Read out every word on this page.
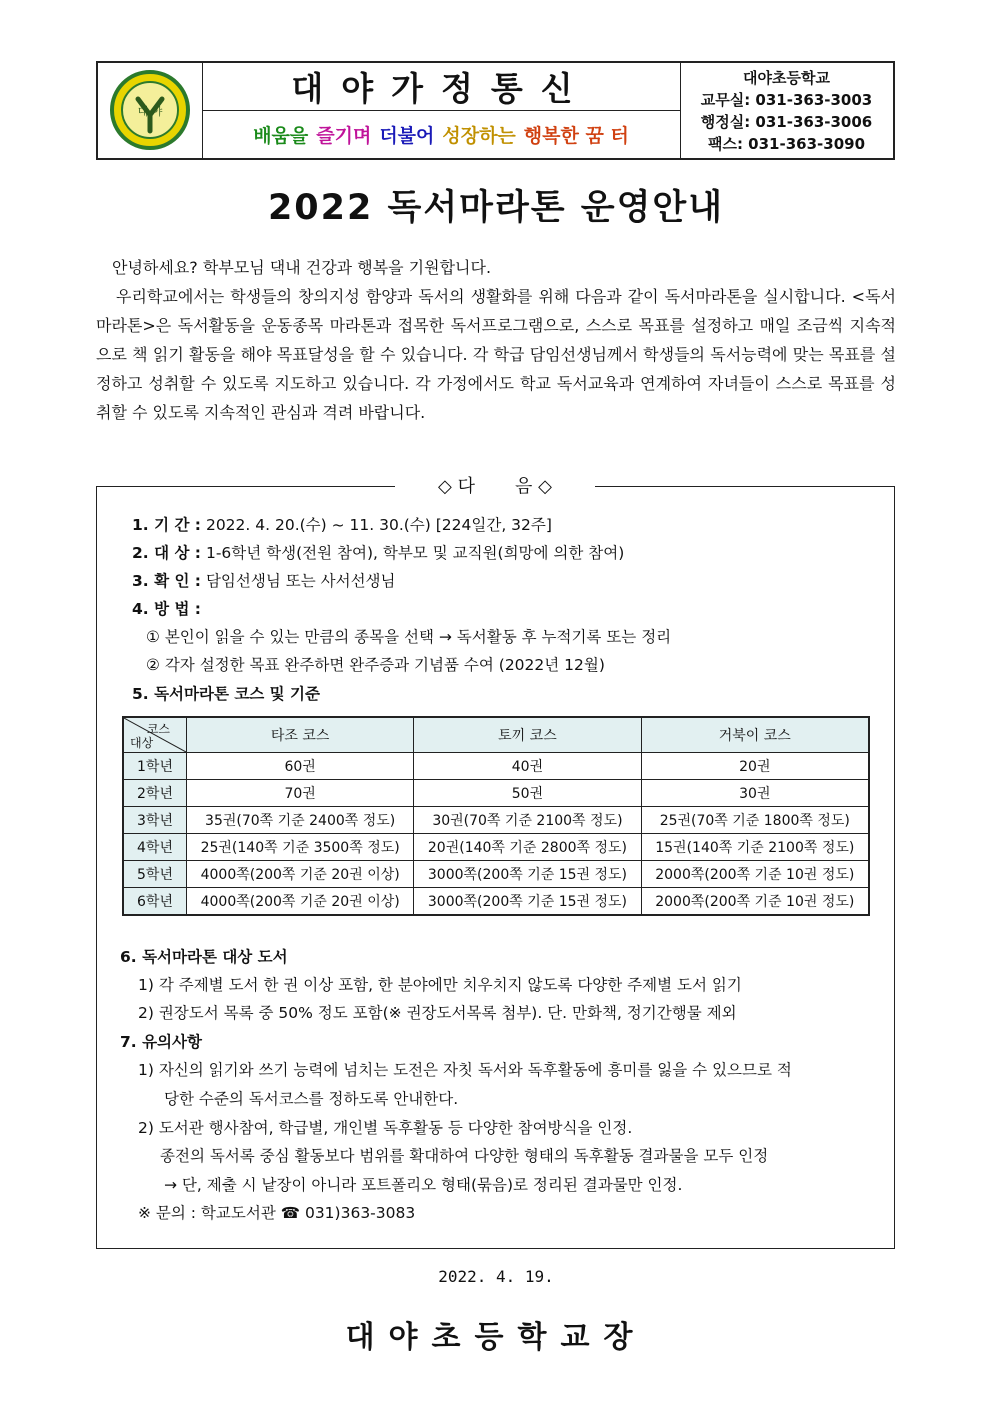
대 야
대야가정통신
배움을 즐기며 더불어 성장하는 행복한 꿈 터
대야초등학교
교무실: 031-363-3003
행정실: 031-363-3006
팩스: 031-363-3090
2022 독서마라톤 운영안내
안녕하세요? 학부모님 댁내 건강과 행복을 기원합니다.
우리학교에서는 학생들의 창의지성 함양과 독서의 생활화를 위해 다음과 같이 독서마라톤을 실시합니다. <독서마라톤>은 독서활동을 운동종목 마라톤과 접목한 독서프로그램으로, 스스로 목표를 설정하고 매일 조금씩 지속적으로 책 읽기 활동을 해야 목표달성을 할 수 있습니다. 각 학급 담임선생님께서 학생들의 독서능력에 맞는 목표를 설정하고 성취할 수 있도록 지도하고 있습니다. 각 가정에서도 학교 독서교육과 연계하여 자녀들이 스스로 목표를 성취할 수 있도록 지속적인 관심과 격려 바랍니다.
◇ 다       음 ◇
1. 기 간 : 2022. 4. 20.(수) ~ 11. 30.(수) [224일간, 32주]
2. 대 상 : 1-6학년 학생(전원 참여), 학부모 및 교직원(희망에 의한 참여)
3. 확 인 : 담임선생님 또는 사서선생님
4. 방 법 :
① 본인이 읽을 수 있는 만큼의 종목을 선택 → 독서활동 후 누적기록 또는 정리
② 각자 설정한 목표 완주하면 완주증과 기념품 수여 (2022년 12월)
5. 독서마라톤 코스 및 기준
코스
대상	타조 코스	토끼 코스	거북이 코스
1학년	60권	40권	20권
2학년	70권	50권	30권
3학년	35권(70쪽 기준 2400쪽 정도)	30권(70쪽 기준 2100쪽 정도)	25권(70쪽 기준 1800쪽 정도)
4학년	25권(140쪽 기준 3500쪽 정도)	20권(140쪽 기준 2800쪽 정도)	15권(140쪽 기준 2100쪽 정도)
5학년	4000쪽(200쪽 기준 20권 이상)	3000쪽(200쪽 기준 15권 정도)	2000쪽(200쪽 기준 10권 정도)
6학년	4000쪽(200쪽 기준 20권 이상)	3000쪽(200쪽 기준 15권 정도)	2000쪽(200쪽 기준 10권 정도)
6. 독서마라톤 대상 도서
1) 각 주제별 도서 한 권 이상 포함, 한 분야에만 치우치지 않도록 다양한 주제별 도서 읽기
2) 권장도서 목록 중 50% 정도 포함(※ 권장도서목록 첨부). 단. 만화책, 정기간행물 제외
7. 유의사항
1) 자신의 읽기와 쓰기 능력에 넘치는 도전은 자칫 독서와 독후활동에 흥미를 잃을 수 있으므로 적
당한 수준의 독서코스를 정하도록 안내한다.
2) 도서관 행사참여, 학급별, 개인별 독후활동 등 다양한 참여방식을 인정.
종전의 독서록 중심 활동보다 범위를 확대하여 다양한 형태의 독후활동 결과물을 모두 인정
→ 단, 제출 시 낱장이 아니라 포트폴리오 형태(묶음)로 정리된 결과물만 인정.
※ 문의 : 학교도서관 ☎ 031)363-3083
2022. 4. 19.
대야초등학교장
